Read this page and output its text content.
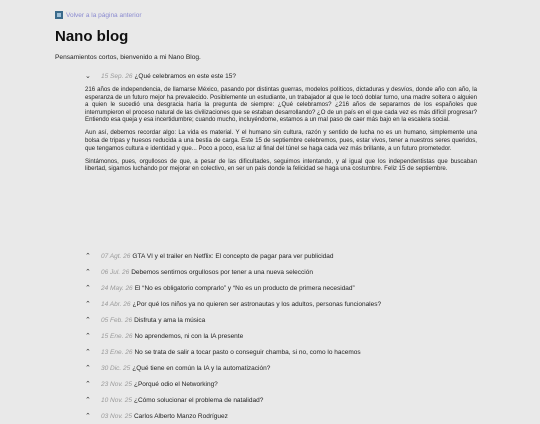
Volver a la página anterior
Nano blog
Pensamientos cortos, bienvenido a mi Nano Blog.
⌄	15 Sep. 26 ¿Qué celebramos en este este 15?

216 años de independencia, de llamarse México, pasando por distintas guerras, modelos políticos, dictaduras y desvíos, donde año con año, la esperanza de un futuro mejor ha prevalecido. Posiblemente un estudiante, un trabajador al que le tocó doblar turno, una madre soltera o alguien a quien le sucedió una desgracia haría la pregunta de siempre: ¿Qué celebramos? ¿216 años de separarnos de los españoles que interrumpieron el proceso natural de las civilizaciones que se estaban desarrollando? ¿O de un país en el que cada vez es más difícil progresar? Entiendo esa queja y esa incertidumbre; cuando mucho, incluyéndome, estamos a un mal paso de caer más bajo en la escalera social.

Aun así, debemos recordar algo: La vida es material. Y el humano sin cultura, razón y sentido de lucha no es un humano, simplemente una bolsa de tripas y huesos reducida a una bestia de carga. Este 15 de septiembre celebremos, pues, estar vivos, tener a nuestros seres queridos, que tengamos cultura e identidad y que... Poco a poco, esa luz al final del túnel se haga cada vez más brillante, a un futuro prometedor.

Sintámonos, pues, orgullosos de que, a pesar de las dificultades, seguimos intentando, y al igual que los independentistas que buscaban libertad, sigamos luchando por mejorar en colectivo, en ser un país donde la felicidad se haga una costumbre. Feliz 15 de septiembre.

⌃	07 Agt. 26 GTA VI y el trailer en Netflix: El concepto de pagar para ver publicidad
⌃	06 Jul. 26 Debemos sentirnos orgullosos por tener a una nueva selección
⌃	24 May. 26 El “No es obligatorio comprarlo” y “No es un producto de primera necesidad”
⌃	14 Abr. 26 ¿Por qué los niños ya no quieren ser astronautas y los adultos, personas funcionales?
⌃	05 Feb. 26 Disfruta y ama la música
⌃	15 Ene. 26 No aprendemos, ni con la IA presente
⌃	13 Ene. 26 No se trata de salir a tocar pasto o conseguir chamba, si no, como lo hacemos
⌃	30 Dic. 25 ¿Qué tiene en común la IA y la automatización?
⌃	23 Nov. 25 ¿Porqué odio el Networking?
⌃	10 Nov. 25 ¿Cómo solucionar el problema de natalidad?
⌃	03 Nov. 25 Carlos Alberto Manzo Rodríguez
